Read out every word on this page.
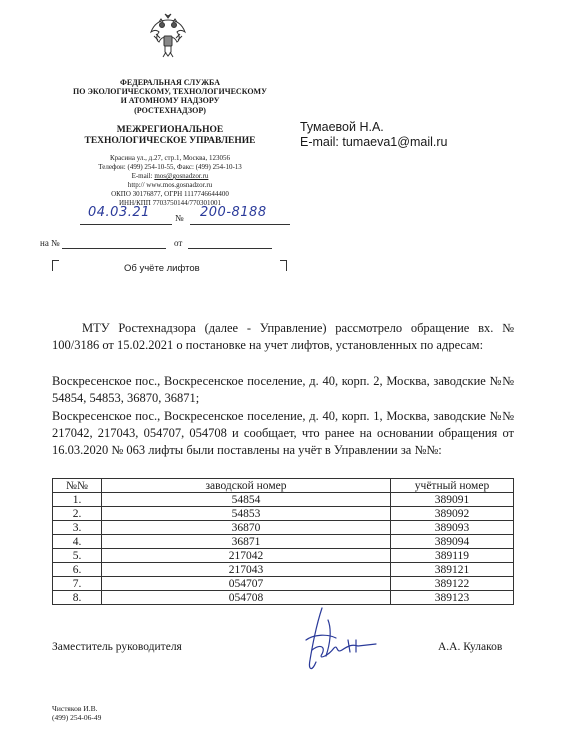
ФЕДЕРАЛЬНАЯ СЛУЖБА
ПО ЭКОЛОГИЧЕСКОМУ, ТЕХНОЛОГИЧЕСКОМУ
И АТОМНОМУ НАДЗОРУ
(РОСТЕХНАДЗОР)
МЕЖРЕГИОНАЛЬНОЕ
ТЕХНОЛОГИЧЕСКОЕ УПРАВЛЕНИЕ
Красина ул., д.27, стр.1, Москва, 123056
Телефон: (499) 254-10-55, Факс: (499) 254-10-13
E-mail: mos@gosnadzor.ru
http:// www.mos.gosnadzor.ru
ОКПО 30176877, ОГРН 1117746644400
ИНН/КПП 7703750144/770301001
Тумаевой Н.А.
E-mail: tumaeva1@mail.ru
04.03.21	№ 200-8188
на №	от
Об учёте лифтов
МТУ Ростехнадзора (далее - Управление) рассмотрело обращение вх. № 100/3186 от 15.02.2021 о постановке на учет лифтов, установленных по адресам:
Воскресенское пос., Воскресенское поселение, д. 40, корп. 2, Москва, заводские №№ 54854, 54853, 36870, 36871;
Воскресенское пос., Воскресенское поселение, д. 40, корп. 1, Москва, заводские №№ 217042, 217043, 054707, 054708 и сообщает, что ранее на основании обращения от 16.03.2020 № 063 лифты были поставлены на учёт в Управлении за №№:
№№	заводской номер	учётный номер
1.	54854	389091
2.	54853	389092
3.	36870	389093
4.	36871	389094
5.	217042	389119
6.	217043	389121
7.	054707	389122
8.	054708	389123
Заместитель руководителя	А.А. Кулаков
Чистяков И.В.
(499) 254-06-49
